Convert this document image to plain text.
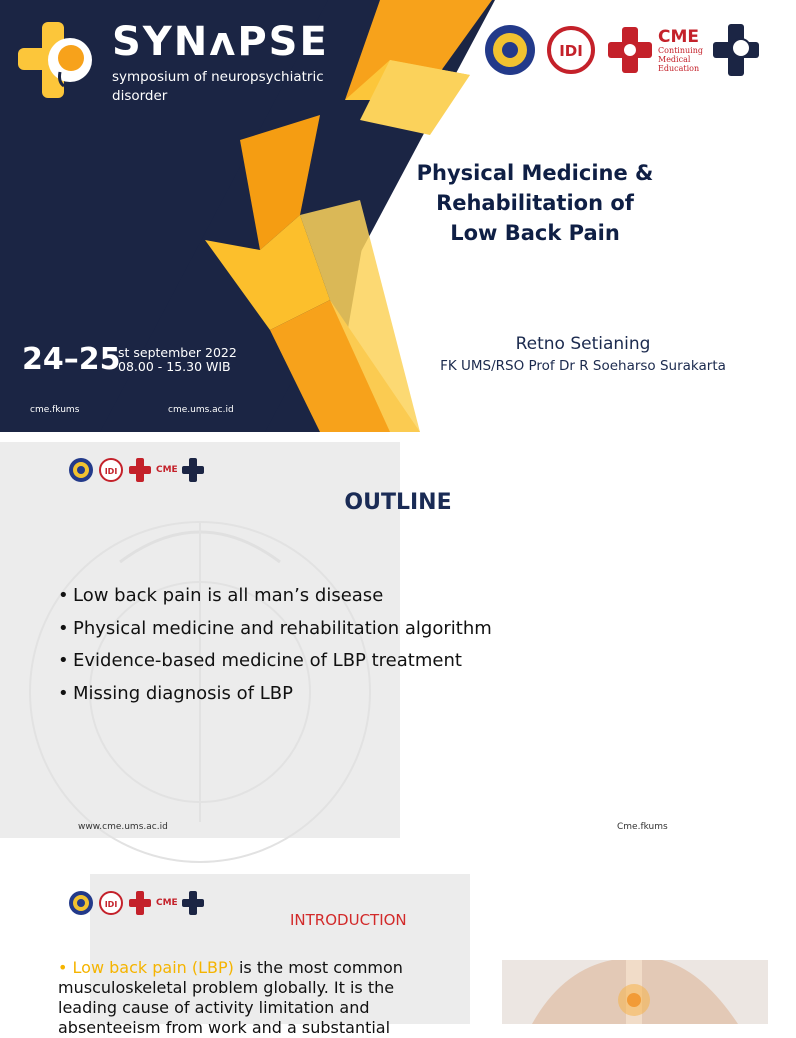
SYNʌPSE
symposium of neuropsychiatric disorder
24–25
st september 2022
08.00 - 15.30 WIB
cme.fkums	cme.ums.ac.id
IDI
CME
Continuing
Medical
Education
Physical Medicine & Rehabilitation of
Low Back Pain
Retno Setianing
FK UMS/RSO Prof Dr R Soeharso Surakarta
IDI	CME
OUTLINE
• Low back pain is all man’s disease
• Physical medicine and rehabilitation algorithm
• Evidence-based medicine of LBP treatment
• Missing diagnosis of LBP
www.cme.ums.ac.id	Cme.fkums
IDI	CME
INTRODUCTION
• Low back pain (LBP) is the most common musculoskeletal problem globally. It is the leading cause of activity limitation and absenteeism from work and a substantial
